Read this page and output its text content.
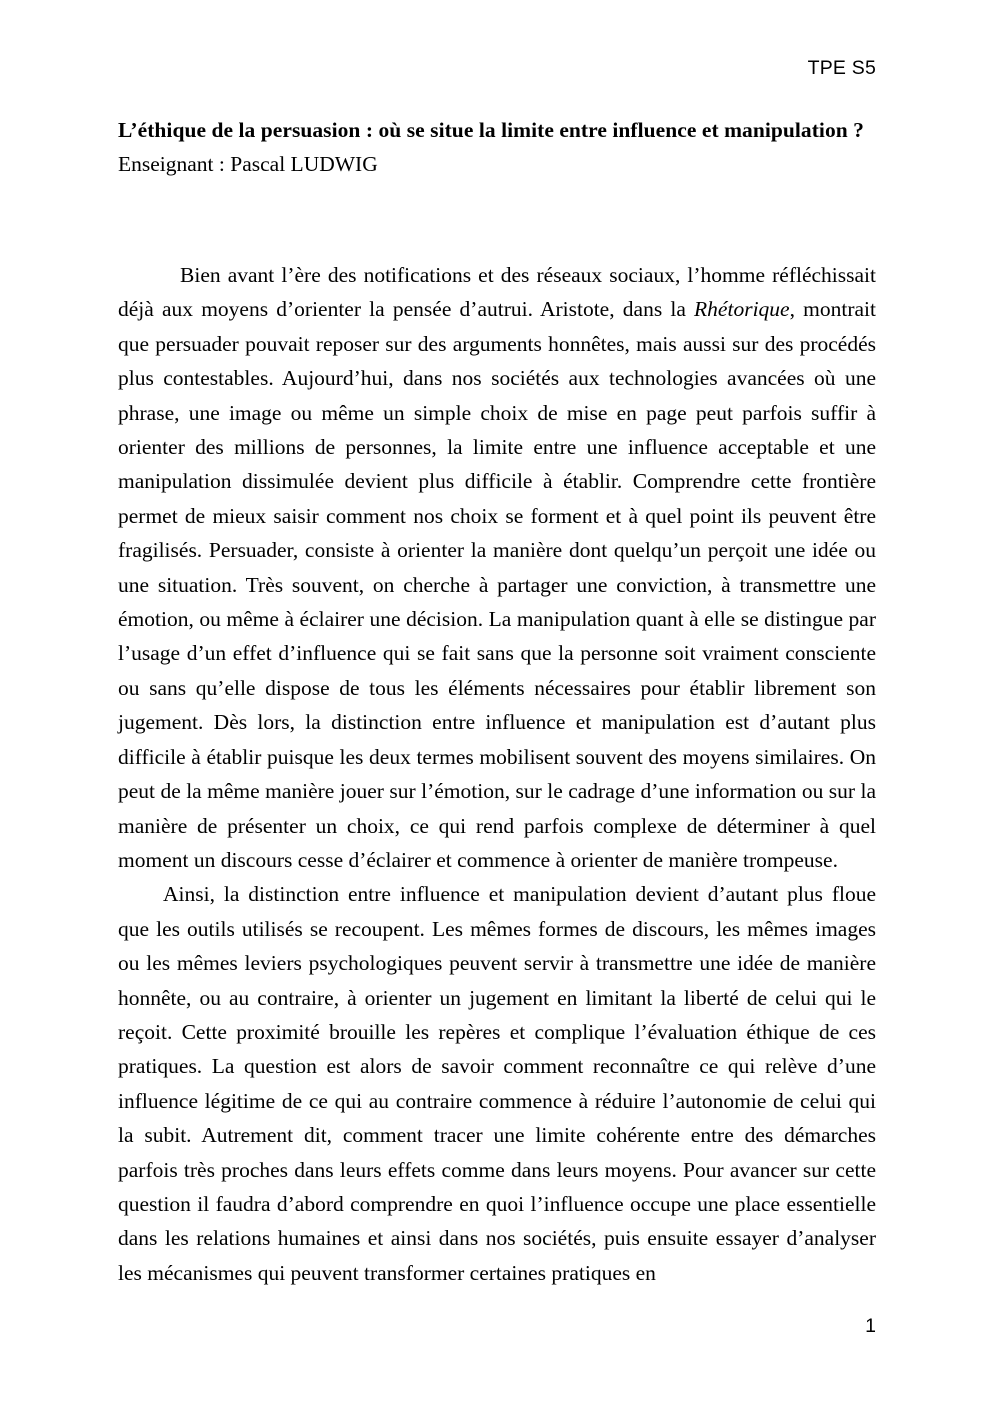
TPE S5
L’éthique de la persuasion : où se situe la limite entre influence et manipulation ?
Enseignant : Pascal LUDWIG

Bien avant l’ère des notifications et des réseaux sociaux, l’homme réfléchissait déjà aux moyens d’orienter la pensée d’autrui. Aristote, dans la Rhétorique, montrait que persuader pouvait reposer sur des arguments honnêtes, mais aussi sur des procédés plus contestables. Aujourd’hui, dans nos sociétés aux technologies avancées où une phrase, une image ou même un simple choix de mise en page peut parfois suffir à orienter des millions de personnes, la limite entre une influence acceptable et une manipulation dissimulée devient plus difficile à établir. Comprendre cette frontière permet de mieux saisir comment nos choix se forment et à quel point ils peuvent être fragilisés. Persuader, consiste à orienter la manière dont quelqu’un perçoit une idée ou une situation. Très souvent, on cherche à partager une conviction, à transmettre une émotion, ou même à éclairer une décision. La manipulation quant à elle se distingue par l’usage d’un effet d’influence qui se fait sans que la personne soit vraiment consciente ou sans qu’elle dispose de tous les éléments nécessaires pour établir librement son jugement. Dès lors, la distinction entre influence et manipulation est d’autant plus difficile à établir puisque les deux termes mobilisent souvent des moyens similaires. On peut de la même manière jouer sur l’émotion, sur le cadrage d’une information ou sur la manière de présenter un choix, ce qui rend parfois complexe de déterminer à quel moment un discours cesse d’éclairer et commence à orienter de manière trompeuse.

Ainsi, la distinction entre influence et manipulation devient d’autant plus floue que les outils utilisés se recoupent. Les mêmes formes de discours, les mêmes images ou les mêmes leviers psychologiques peuvent servir à transmettre une idée de manière honnête, ou au contraire, à orienter un jugement en limitant la liberté de celui qui le reçoit. Cette proximité brouille les repères et complique l’évaluation éthique de ces pratiques. La question est alors de savoir comment reconnaître ce qui relève d’une influence légitime de ce qui au contraire commence à réduire l’autonomie de celui qui la subit. Autrement dit, comment tracer une limite cohérente entre des démarches parfois très proches dans leurs effets comme dans leurs moyens. Pour avancer sur cette question il faudra d’abord comprendre en quoi l’influence occupe une place essentielle dans les relations humaines et ainsi dans nos sociétés, puis ensuite essayer d’analyser les mécanismes qui peuvent transformer certaines pratiques en

1
